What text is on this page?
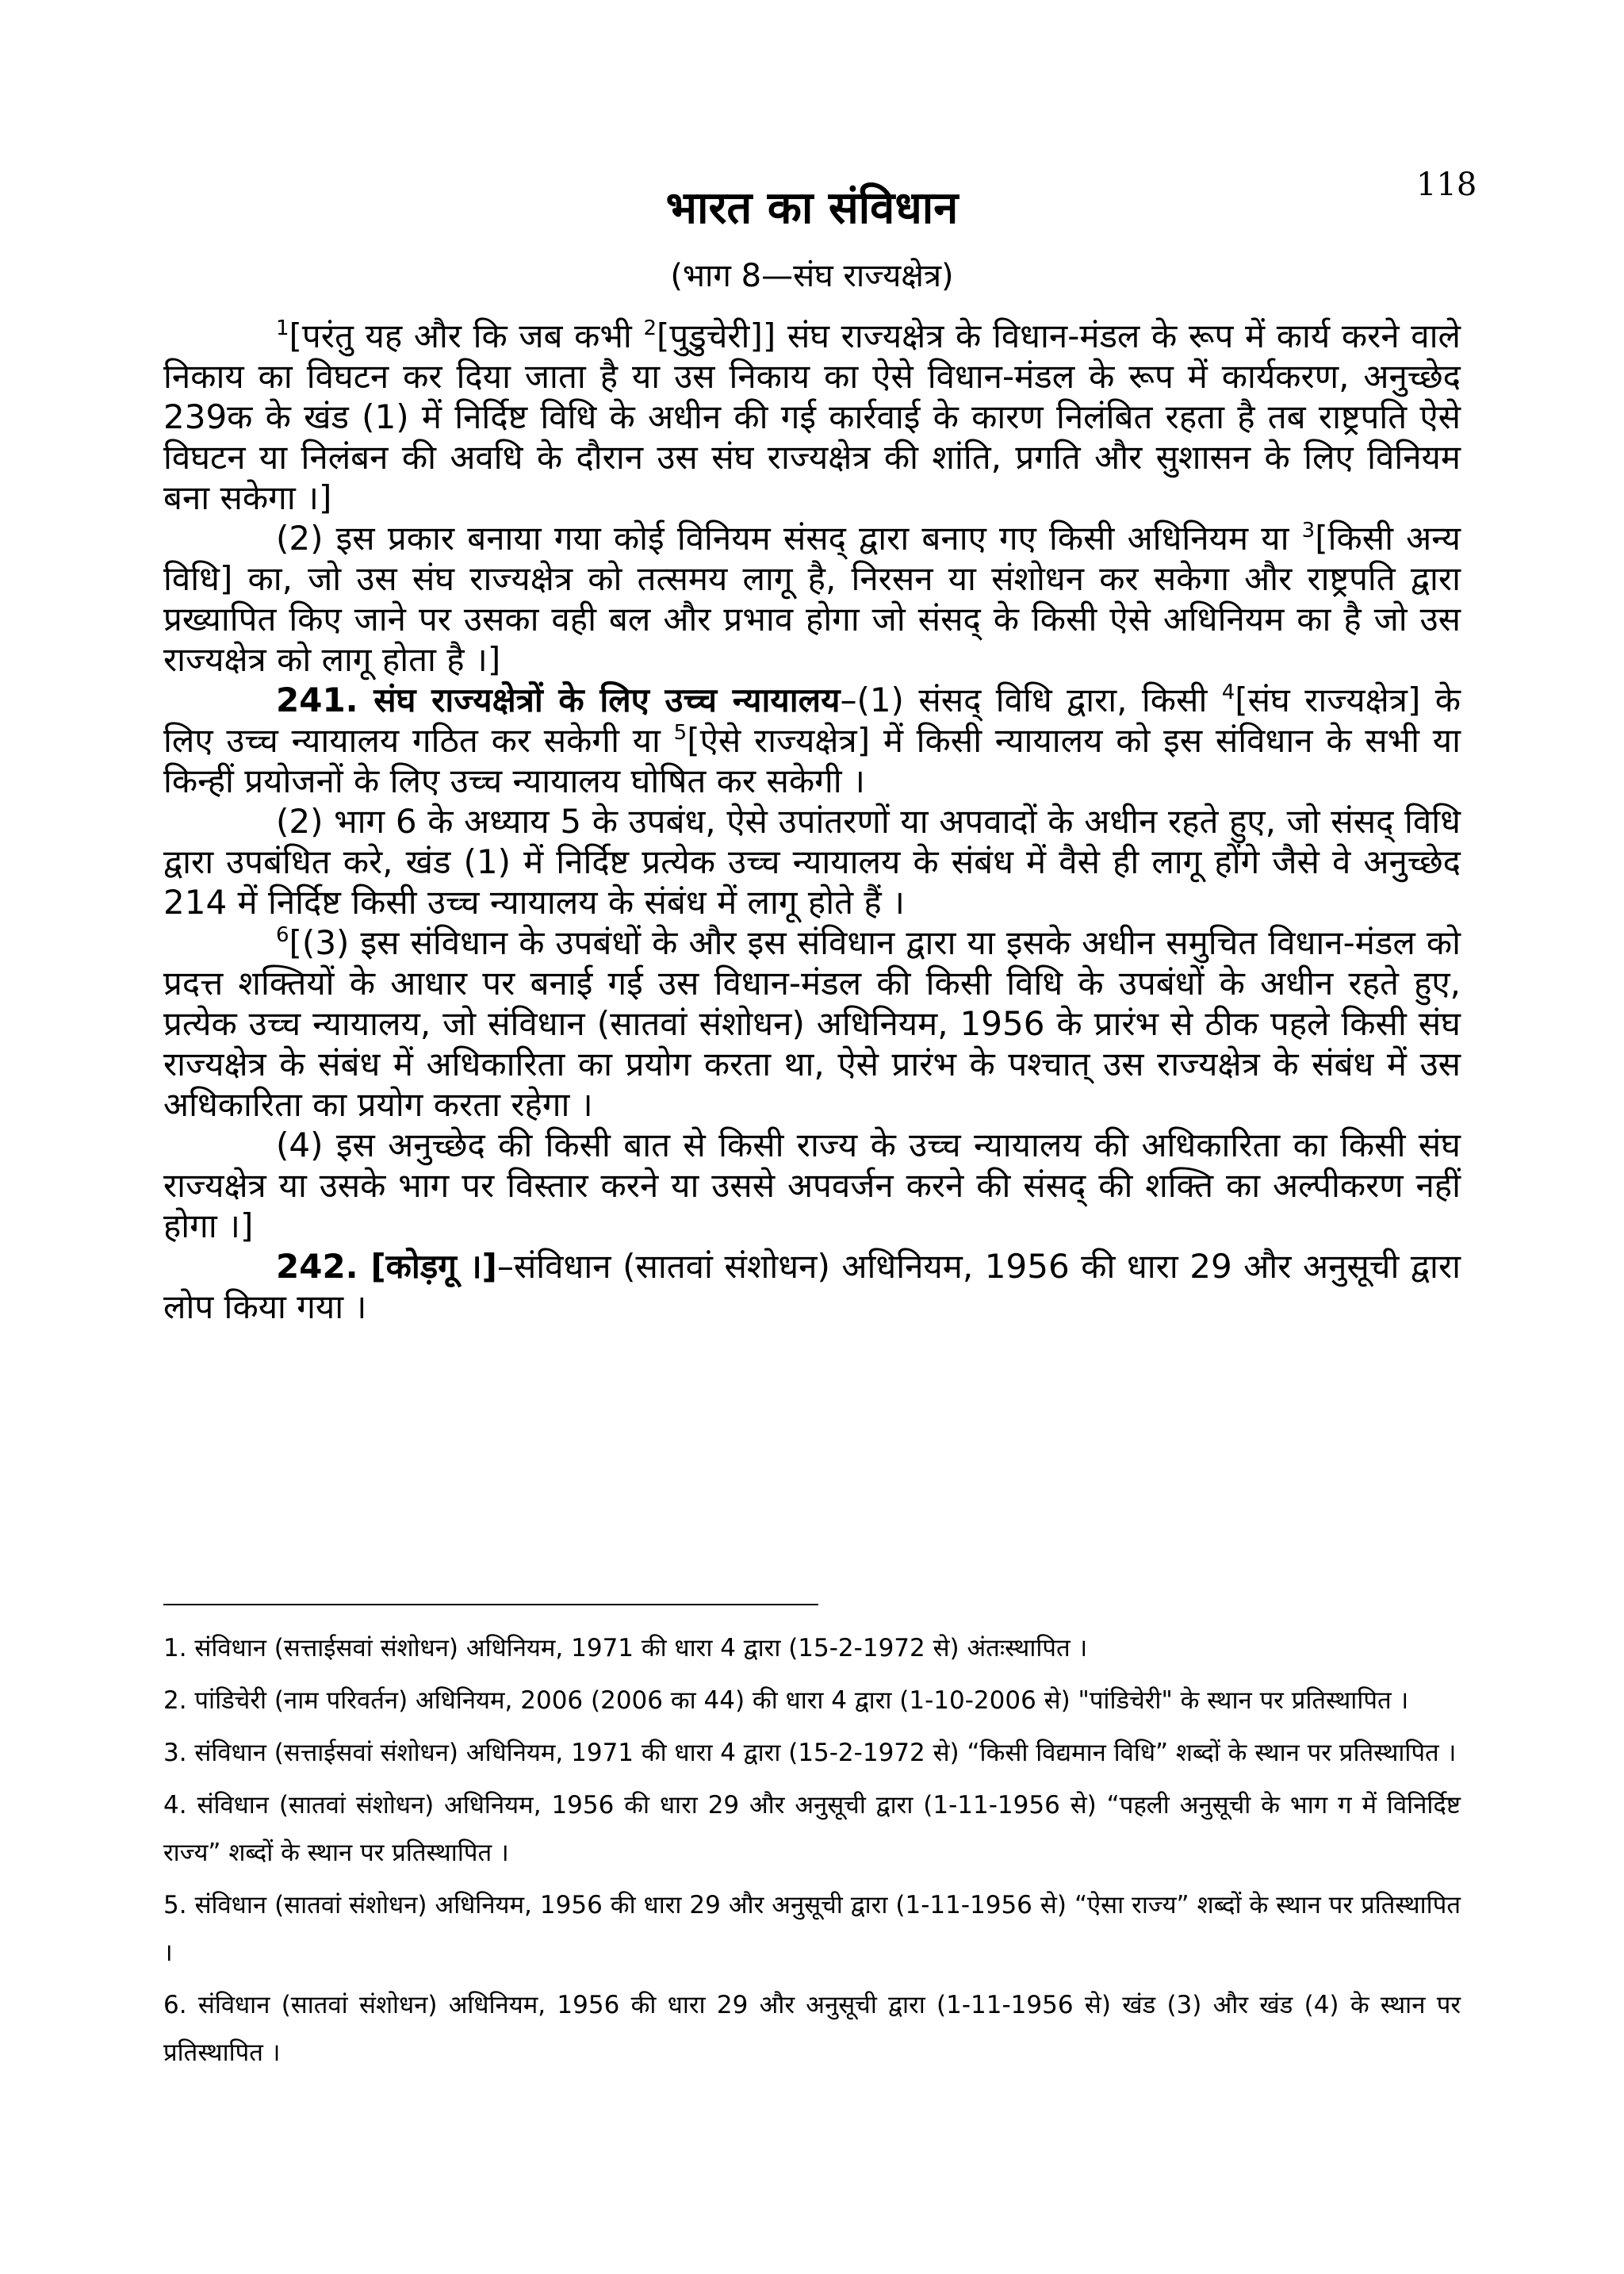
118
भारत का संविधान
(भाग 8—संघ राज्यक्षेत्र)

$^1$[परंतु यह और कि जब कभी $^2$[पुडुचेरी]] संघ राज्यक्षेत्र के विधान-मंडल के रूप में कार्य करने वाले निकाय का विघटन कर दिया जाता है या उस निकाय का ऐसे विधान-मंडल के रूप में कार्यकरण, अनुच्छेद 239क के खंड (1) में निर्दिष्ट विधि के अधीन की गई कार्रवाई के कारण निलंबित रहता है तब राष्ट्रपति ऐसे विघटन या निलंबन की अवधि के दौरान उस संघ राज्यक्षेत्र की शांति, प्रगति और सुशासन के लिए विनियम बना सकेगा ।]

(2) इस प्रकार बनाया गया कोई विनियम संसद् द्वारा बनाए गए किसी अधिनियम या $^3$[किसी अन्य विधि] का, जो उस संघ राज्यक्षेत्र को तत्समय लागू है, निरसन या संशोधन कर सकेगा और राष्ट्रपति द्वारा प्रख्यापित किए जाने पर उसका वही बल और प्रभाव होगा जो संसद् के किसी ऐसे अधिनियम का है जो उस राज्यक्षेत्र को लागू होता है ।]

241. संघ राज्यक्षेत्रों के लिए उच्च न्यायालय–(1) संसद् विधि द्वारा, किसी $^4$[संघ राज्यक्षेत्र] के लिए उच्च न्यायालय गठित कर सकेगी या $^5$[ऐसे राज्यक्षेत्र] में किसी न्यायालय को इस संविधान के सभी या किन्हीं प्रयोजनों के लिए उच्च न्यायालय घोषित कर सकेगी ।

(2) भाग 6 के अध्याय 5 के उपबंध, ऐसे उपांतरणों या अपवादों के अधीन रहते हुए, जो संसद् विधि द्वारा उपबंधित करे, खंड (1) में निर्दिष्ट प्रत्येक उच्च न्यायालय के संबंध में वैसे ही लागू होंगे जैसे वे अनुच्छेद 214 में निर्दिष्ट किसी उच्च न्यायालय के संबंध में लागू होते हैं ।

$^6$[(3) इस संविधान के उपबंधों के और इस संविधान द्वारा या इसके अधीन समुचित विधान-मंडल को प्रदत्त शक्तियों के आधार पर बनाई गई उस विधान-मंडल की किसी विधि के उपबंधों के अधीन रहते हुए, प्रत्येक उच्च न्यायालय, जो संविधान (सातवां संशोधन) अधिनियम, 1956 के प्रारंभ से ठीक पहले किसी संघ राज्यक्षेत्र के संबंध में अधिकारिता का प्रयोग करता था, ऐसे प्रारंभ के पश्चात् उस राज्यक्षेत्र के संबंध में उस अधिकारिता का प्रयोग करता रहेगा ।

(4) इस अनुच्छेद की किसी बात से किसी राज्य के उच्च न्यायालय की अधिकारिता का किसी संघ राज्यक्षेत्र या उसके भाग पर विस्तार करने या उससे अपवर्जन करने की संसद् की शक्ति का अल्पीकरण नहीं होगा ।]

242. [कोड़गू ।]–संविधान (सातवां संशोधन) अधिनियम, 1956 की धारा 29 और अनुसूची द्वारा लोप किया गया ।

1. संविधान (सत्ताईसवां संशोधन) अधिनियम, 1971 की धारा 4 द्वारा (15-2-1972 से) अंतःस्थापित ।
2. पांडिचेरी (नाम परिवर्तन) अधिनियम, 2006 (2006 का 44) की धारा 4 द्वारा (1-10-2006 से) "पांडिचेरी" के स्थान पर प्रतिस्थापित ।
3. संविधान (सत्ताईसवां संशोधन) अधिनियम, 1971 की धारा 4 द्वारा (15-2-1972 से) “किसी विद्यमान विधि” शब्दों के स्थान पर प्रतिस्थापित ।
4. संविधान (सातवां संशोधन) अधिनियम, 1956 की धारा 29 और अनुसूची द्वारा (1-11-1956 से) “पहली अनुसूची के भाग ग में विनिर्दिष्ट राज्य” शब्दों के स्थान पर प्रतिस्थापित ।
5. संविधान (सातवां संशोधन) अधिनियम, 1956 की धारा 29 और अनुसूची द्वारा (1-11-1956 से) “ऐसा राज्य” शब्दों के स्थान पर प्रतिस्थापित ।
6. संविधान (सातवां संशोधन) अधिनियम, 1956 की धारा 29 और अनुसूची द्वारा (1-11-1956 से) खंड (3) और खंड (4) के स्थान पर प्रतिस्थापित ।
